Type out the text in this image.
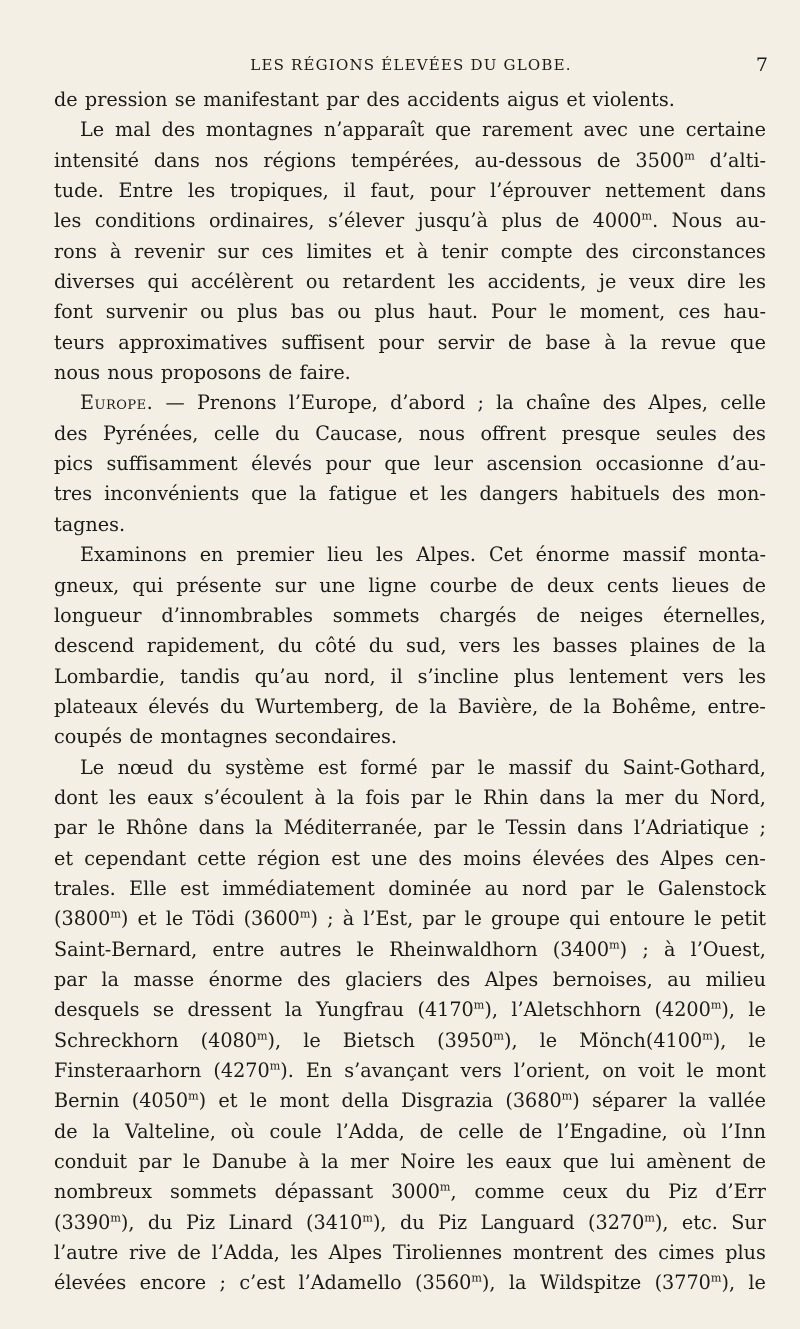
LES RÉGIONS ÉLEVÉES DU GLOBE.	7
de pression se manifestant par des accidents aigus et violents.
Le mal des montagnes n’apparaît que rarement avec une certaine
intensité dans nos régions tempérées, au-dessous de 3500$^m$ d’alti-
tude. Entre les tropiques, il faut, pour l’éprouver nettement dans
les conditions ordinaires, s’élever jusqu’à plus de 4000$^m$. Nous au-
rons à revenir sur ces limites et à tenir compte des circonstances
diverses qui accélèrent ou retardent les accidents, je veux dire les
font survenir ou plus bas ou plus haut. Pour le moment, ces hau-
teurs approximatives suffisent pour servir de base à la revue que
nous nous proposons de faire.
Europe. — Prenons l’Europe, d’abord ; la chaîne des Alpes, celle
des Pyrénées, celle du Caucase, nous offrent presque seules des
pics suffisamment élevés pour que leur ascension occasionne d’au-
tres inconvénients que la fatigue et les dangers habituels des mon-
tagnes.
Examinons en premier lieu les Alpes. Cet énorme massif monta-
gneux, qui présente sur une ligne courbe de deux cents lieues de
longueur d’innombrables sommets chargés de neiges éternelles,
descend rapidement, du côté du sud, vers les basses plaines de la
Lombardie, tandis qu’au nord, il s’incline plus lentement vers les
plateaux élevés du Wurtemberg, de la Bavière, de la Bohême, entre-
coupés de montagnes secondaires.
Le nœud du système est formé par le massif du Saint-Gothard,
dont les eaux s’écoulent à la fois par le Rhin dans la mer du Nord,
par le Rhône dans la Méditerranée, par le Tessin dans l’Adriatique ;
et cependant cette région est une des moins élevées des Alpes cen-
trales. Elle est immédiatement dominée au nord par le Galenstock
(3800$^m$) et le Tödi (3600$^m$) ; à l’Est, par le groupe qui entoure le petit
Saint-Bernard, entre autres le Rheinwaldhorn (3400$^m$) ; à l’Ouest,
par la masse énorme des glaciers des Alpes bernoises, au milieu
desquels se dressent la Yungfrau (4170$^m$), l’Aletschhorn (4200$^m$), le
Schreckhorn (4080$^m$), le Bietsch (3950$^m$), le Mönch(4100$^m$), le
Finsteraarhorn (4270$^m$). En s’avançant vers l’orient, on voit le mont
Bernin (4050$^m$) et le mont della Disgrazia (3680$^m$) séparer la vallée
de la Valteline, où coule l’Adda, de celle de l’Engadine, où l’Inn
conduit par le Danube à la mer Noire les eaux que lui amènent de
nombreux sommets dépassant 3000$^m$, comme ceux du Piz d’Err
(3390$^m$), du Piz Linard (3410$^m$), du Piz Languard (3270$^m$), etc. Sur
l’autre rive de l’Adda, les Alpes Tiroliennes montrent des cimes plus
élevées encore ; c’est l’Adamello (3560$^m$), la Wildspitze (3770$^m$), le
